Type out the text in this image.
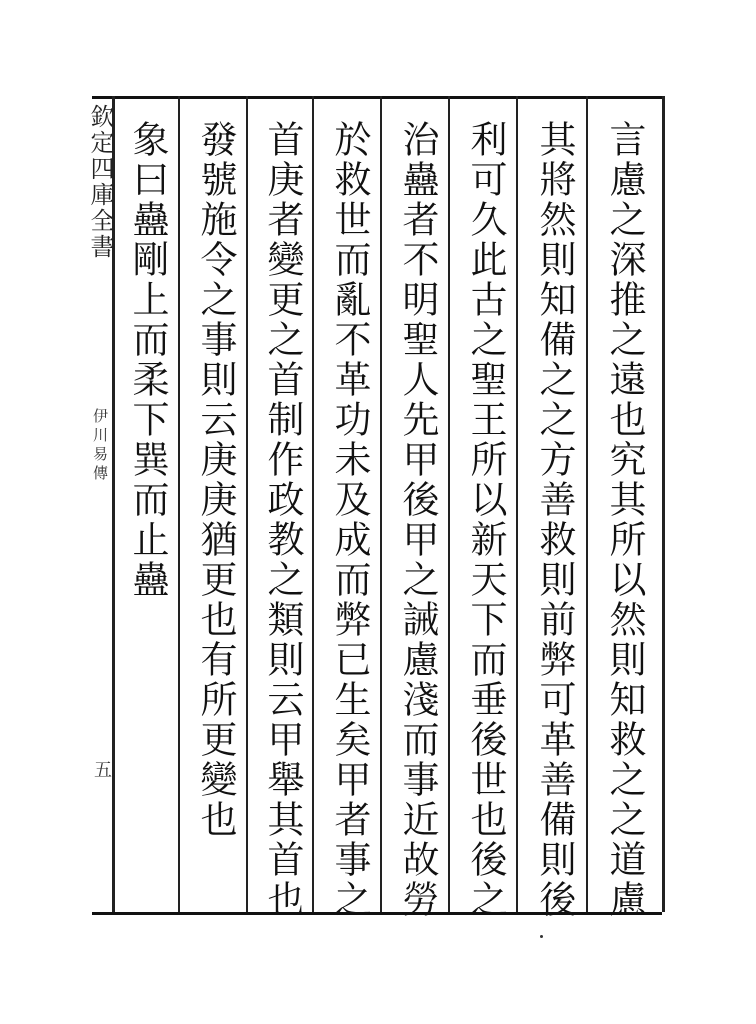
欽定四庫全書
伊川易傳
五	言慮之深推之遠也究其所以然則知救之之道慮
其將然則知備之之方善救則前弊可革善備則後
利可久此古之聖王所以新天下而垂後世也後之
治蠱者不明聖人先甲後甲之誡慮淺而事近故勞
於救世而亂不革功未及成而弊已生矣甲者事之
首庚者變更之首制作政教之類則云甲舉其首也
發號施令之事則云庚庚猶更也有所更變也
象曰蠱剛上而柔下巽而止蠱
